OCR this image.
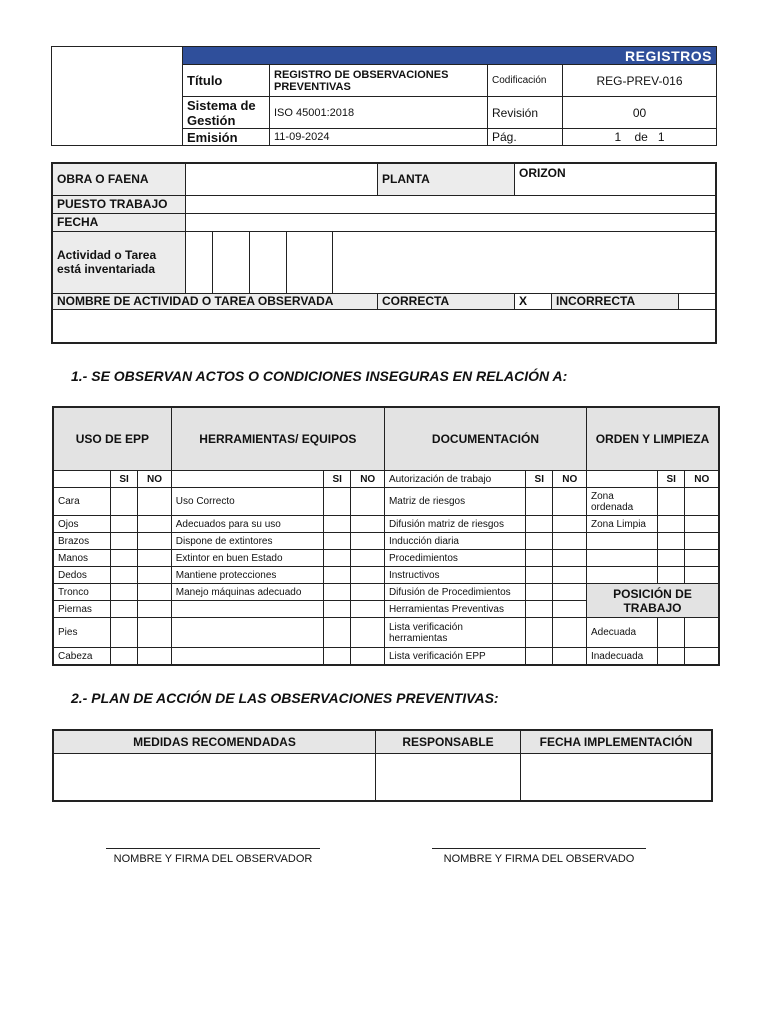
	REGISTROS			
	Título	REGISTRO DE OBSERVACIONES PREVENTIVAS	Codificación	REG-PREV-016
	Sistema de Gestión	ISO 45001:2018	Revisión	00
	Emisión	11-09-2024	Pág.	1    de   1
OBRA O FAENA						PLANTA	ORIZON		
PUESTO TRABAJO									
FECHA									
Actividad o Tarea está inventariada									
NOMBRE DE ACTIVIDAD O TAREA OBSERVADA						CORRECTA	X	INCORRECTA	

1.- SE OBSERVAN ACTOS O CONDICIONES INSEGURAS EN RELACIÓN A:

USO DE EPP			HERRAMIENTAS/ EQUIPOS			DOCUMENTACIÓN			ORDEN Y LIMPIEZA		
	SI	NO		SI	NO	Autorización de trabajo	SI	NO		SI	NO
Cara			Uso Correcto			Matriz de riesgos			Zona ordenada		
Ojos			Adecuados para su uso			Difusión matriz de riesgos			Zona Limpia		
Brazos			Dispone de extintores			Inducción diaria					
Manos			Extintor en buen Estado			Procedimientos					
Dedos			Mantiene protecciones			Instructivos					
Tronco			Manejo máquinas adecuado			Difusión de Procedimientos			POSICIÓN DE TRABAJO		
Piernas						Herramientas Preventivas					
Pies						Lista verificación herramientas			Adecuada		
Cabeza						Lista verificación EPP			Inadecuada		

2.- PLAN DE ACCIÓN DE LAS OBSERVACIONES PREVENTIVAS:

MEDIDAS RECOMENDADAS	RESPONSABLE	FECHA IMPLEMENTACIÓN

NOMBRE Y FIRMA DEL OBSERVADOR	NOMBRE Y FIRMA DEL OBSERVADO
